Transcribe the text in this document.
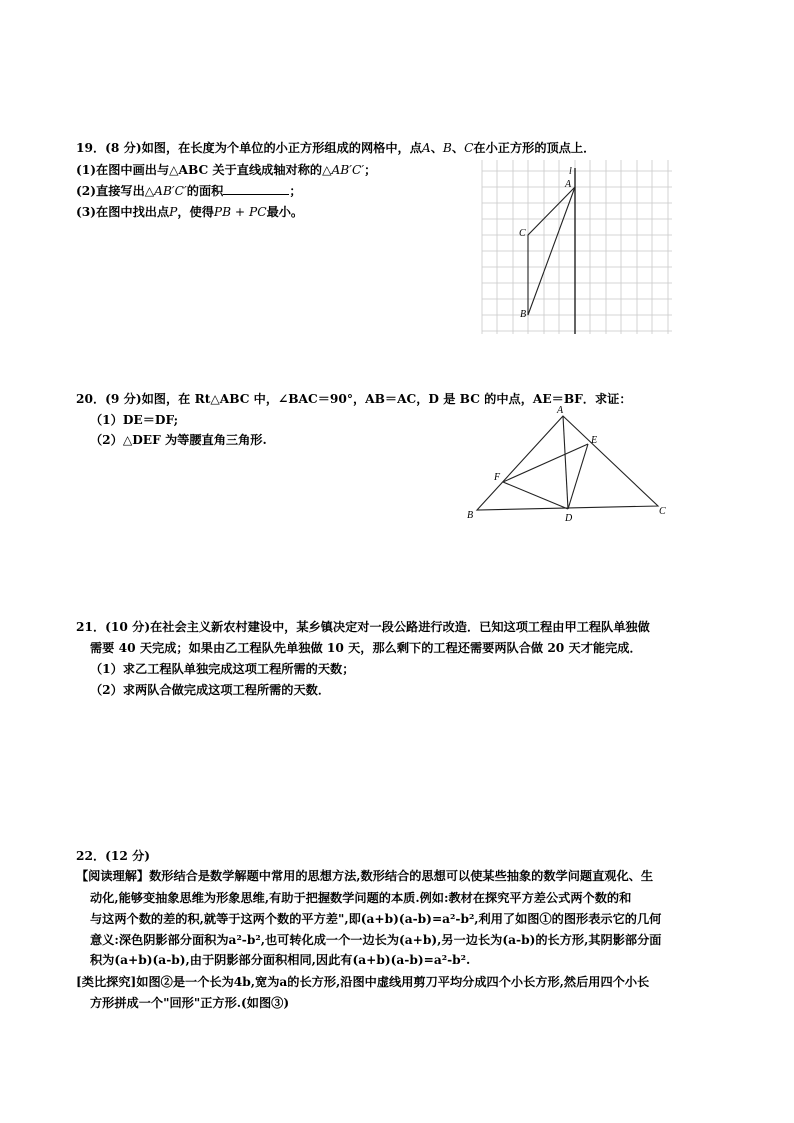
19．(8 分)如图，在长度为个单位的小正方形组成的网格中，点A、B、C在小正方形的顶点上．
(1)在图中画出与△ABC 关于直线成轴对称的△AB′C′；
(2)直接写出△AB′C′的面积	；
(3)在图中找出点P，使得PB + PC最小。
l
A
C
B
20．(9 分)如图，在 Rt△ABC 中，∠BAC＝90°，AB＝AC，D 是 BC 的中点，AE＝BF．求证：
（1）DE＝DF;
（2）△DEF 为等腰直角三角形.
A
E
F
B	D
C
21．(10 分)在社会主义新农村建设中，某乡镇决定对一段公路进行改造．已知这项工程由甲工程队单独做
需要 40 天完成；如果由乙工程队先单独做 10 天，那么剩下的工程还需要两队合做 20 天才能完成．
（1）求乙工程队单独完成这项工程所需的天数；
（2）求两队合做完成这项工程所需的天数．
22．(12 分)
【阅读理解】数形结合是数学解题中常用的思想方法,数形结合的思想可以使某些抽象的数学问题直观化、生
动化,能够变抽象思维为形象思维,有助于把握数学问题的本质.例如:教材在探究平方差公式两个数的和
与这两个数的差的积,就等于这两个数的平方差",即(a+b)(a-b)=a²-b²,利用了如图①的图形表示它的几何
意义:深色阴影部分面积为a²-b²,也可转化成一个一边长为(a+b),另一边长为(a-b)的长方形,其阴影部分面
积为(a+b)(a-b),由于阴影部分面积相同,因此有(a+b)(a-b)=a²-b².
[类比探究]如图②是一个长为4b,宽为a的长方形,沿图中虚线用剪刀平均分成四个小长方形,然后用四个小长
方形拼成一个"回形"正方形.(如图③)
